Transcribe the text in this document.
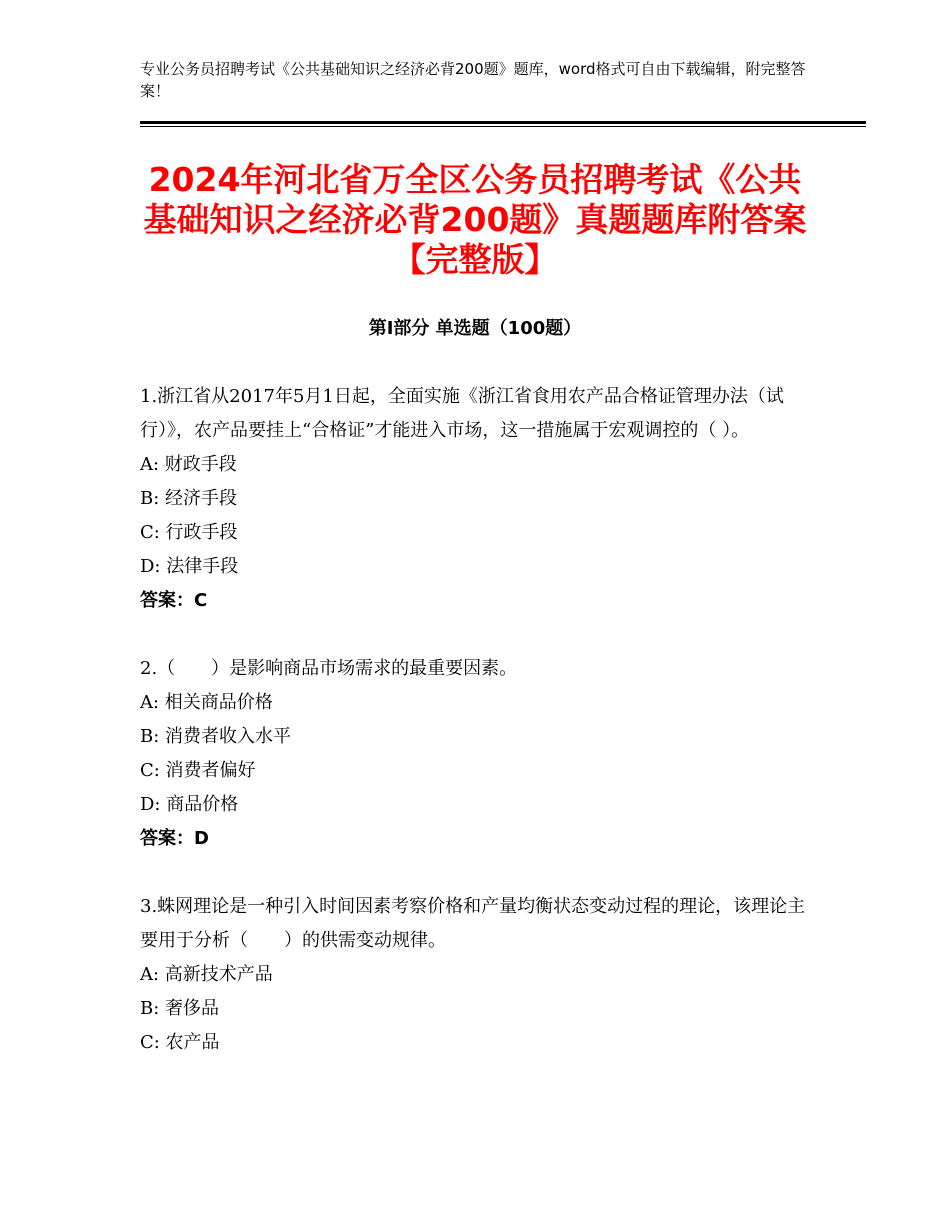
专业公务员招聘考试《公共基础知识之经济必背200题》题库，word格式可自由下载编辑，附完整答案！
2024年河北省万全区公务员招聘考试《公共基础知识之经济必背200题》真题题库附答案【完整版】
第Ⅰ部分 单选题（100题）

1.浙江省从2017年5月1日起，全面实施《浙江省食用农产品合格证管理办法（试行）》，农产品要挂上“合格证”才能进入市场，这一措施属于宏观调控的（ ）。

A: 财政手段

B: 经济手段

C: 行政手段

D: 法律手段

答案：C

2.（　　）是影响商品市场需求的最重要因素。

A: 相关商品价格

B: 消费者收入水平

C: 消费者偏好

D: 商品价格

答案：D

3.蛛网理论是一种引入时间因素考察价格和产量均衡状态变动过程的理论，该理论主要用于分析（　　）的供需变动规律。

A: 高新技术产品

B: 奢侈品

C: 农产品
